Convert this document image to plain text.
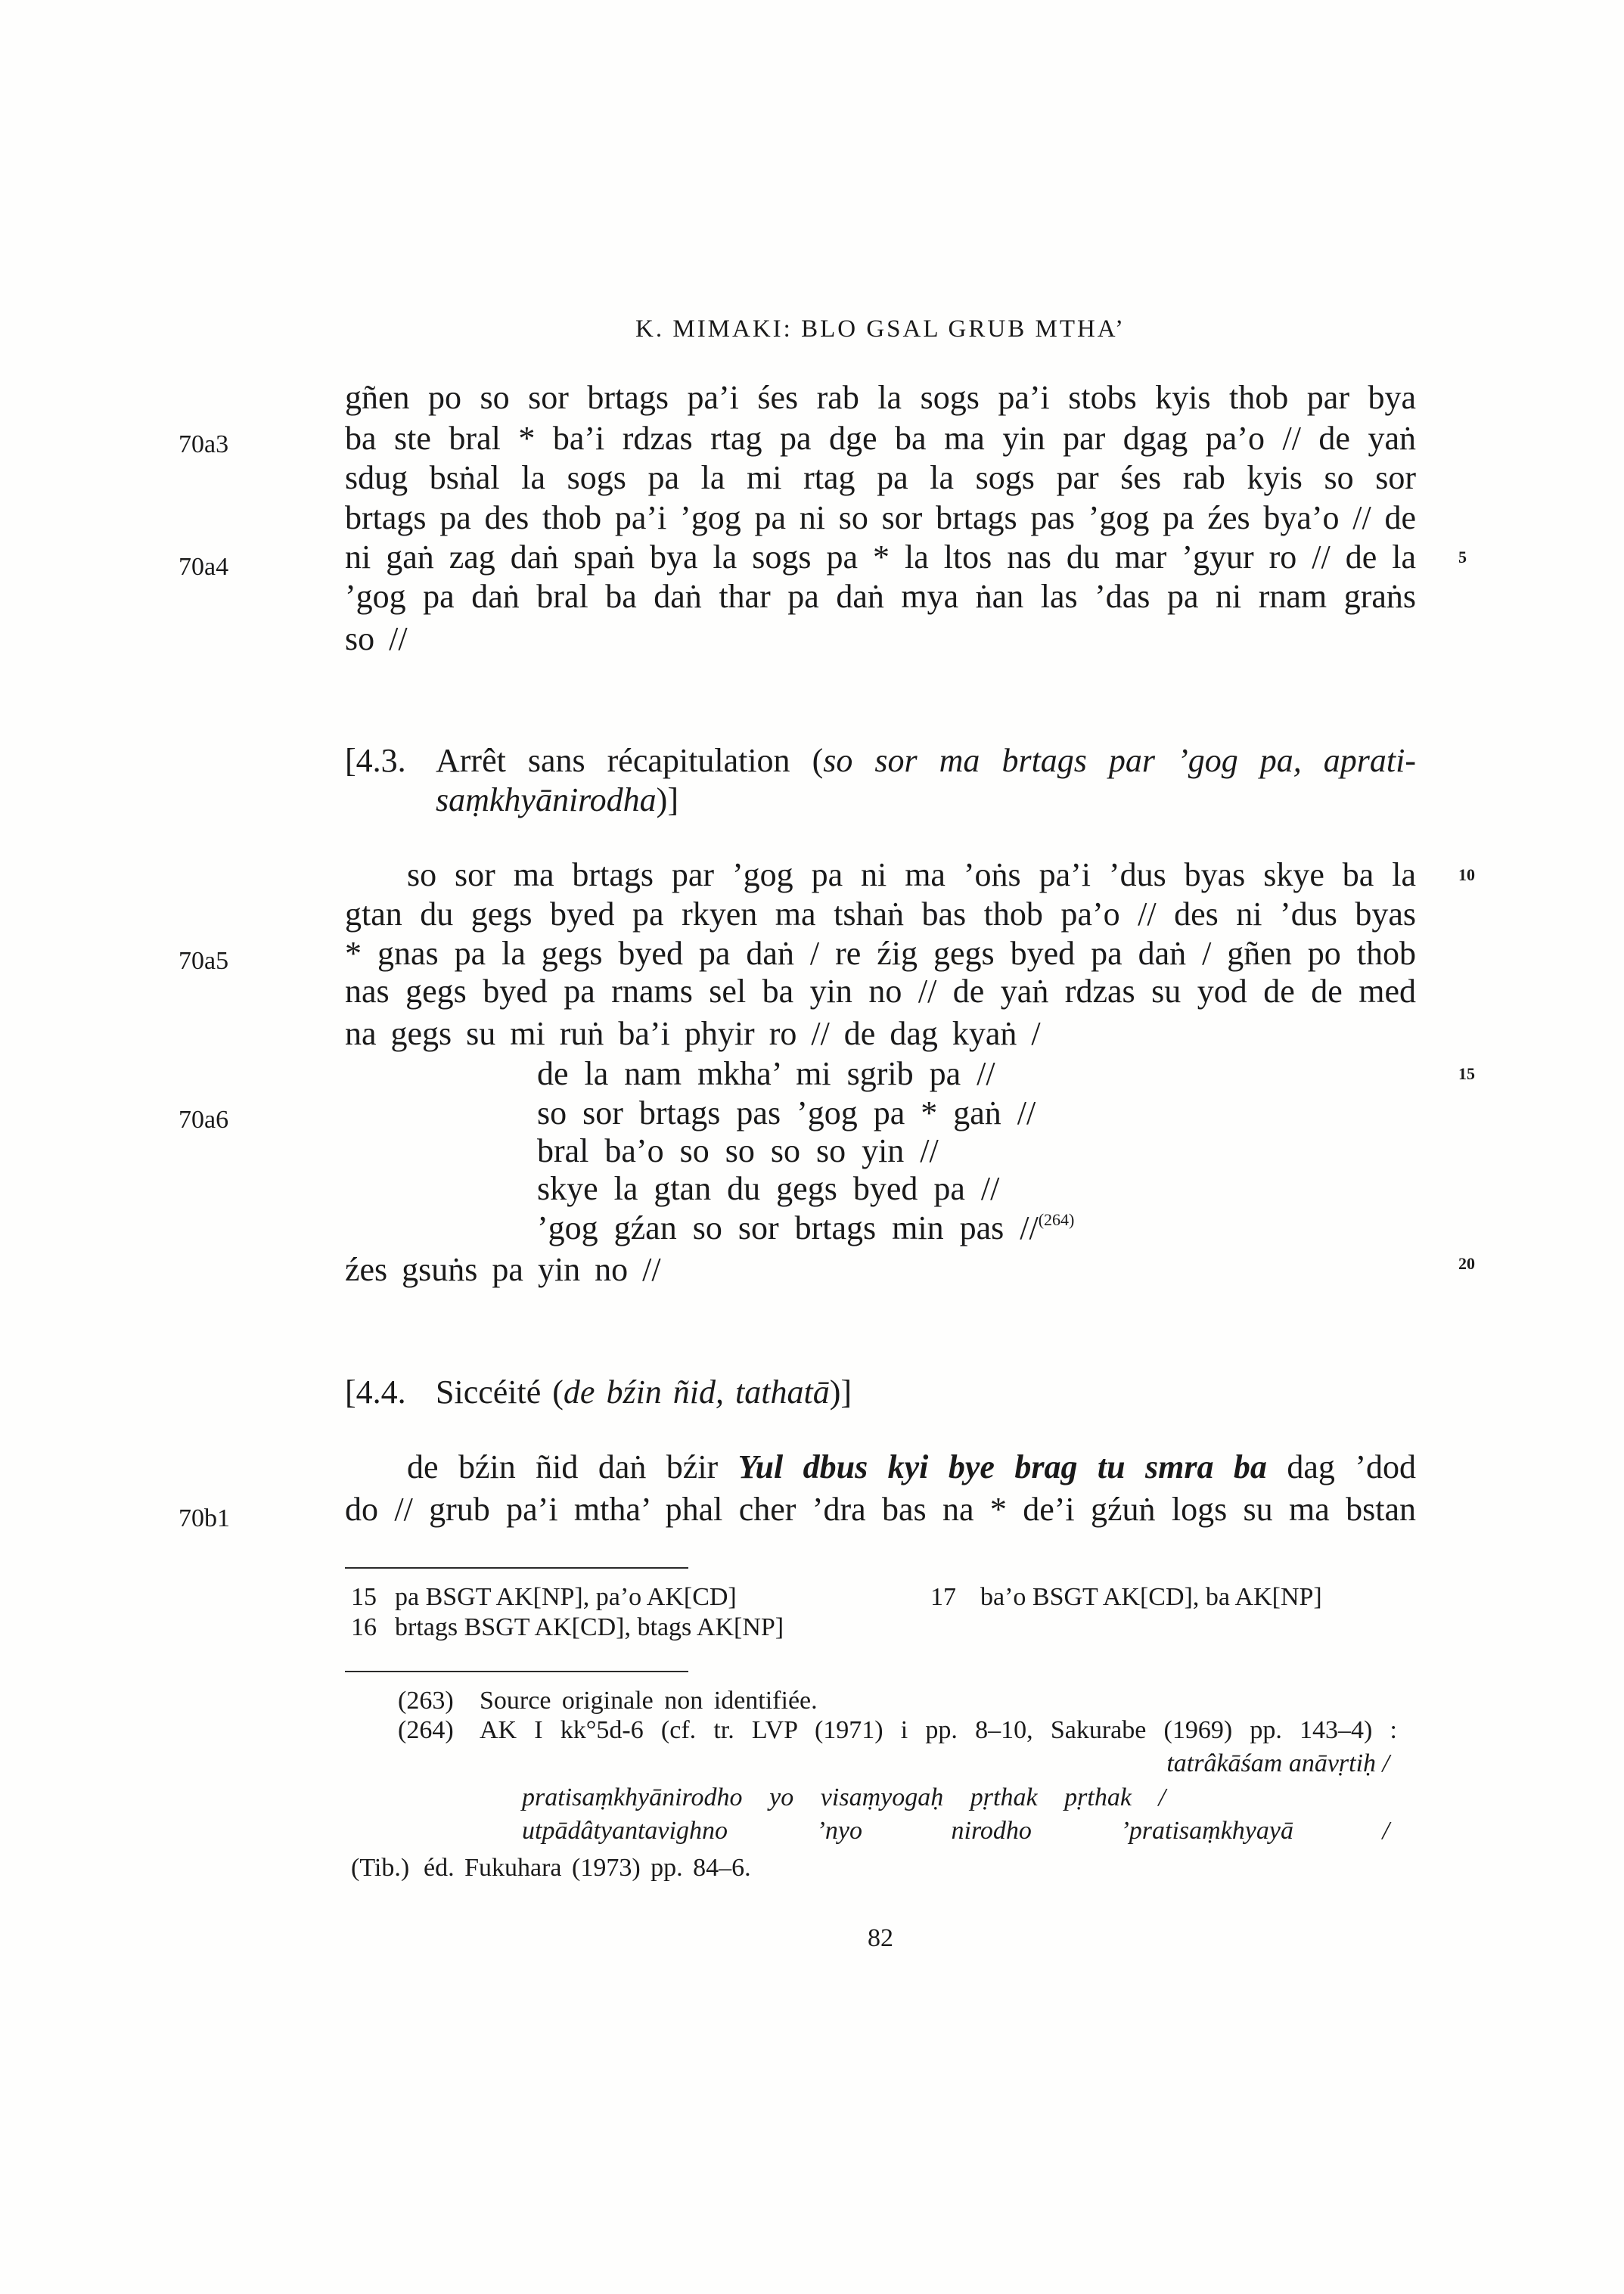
K. MIMAKI: BLO GSAL GRUB MTHA’
70a3
70a4
70a5
70a6
70b1
5
10
15
20
gñen po so sor brtags pa’i śes rab la sogs pa’i stobs kyis thob par bya
ba ste bral * ba’i rdzas rtag pa dge ba ma yin par dgag pa’o // de yaṅ
sdug bsṅal la sogs pa la mi rtag pa la sogs par śes rab kyis so sor
brtags pa des thob pa’i ’gog pa ni so sor brtags pas ’gog pa źes bya’o // de
ni gaṅ zag daṅ spaṅ bya la sogs pa * la ltos nas du mar ’gyur ro // de la
’gog pa daṅ bral ba daṅ thar pa daṅ mya ṅan las ’das pa ni rnam graṅs
so //
[4.3. Arrêt sans récapitulation (so sor ma brtags par ’gog pa, aprati-
saṃkhyānirodha)]
so sor ma brtags par ’gog pa ni ma ’oṅs pa’i ’dus byas skye ba la
gtan du gegs byed pa rkyen ma tshaṅ bas thob pa’o // des ni ’dus byas
* gnas pa la gegs byed pa daṅ / re źig gegs byed pa daṅ / gñen po thob
nas gegs byed pa rnams sel ba yin no // de yaṅ rdzas su yod de de med
na gegs su mi ruṅ ba’i phyir ro // de dag kyaṅ /
de la nam mkha’ mi sgrib pa //
so sor brtags pas ’gog pa * gaṅ //
bral ba’o so so so so yin //
skye la gtan du gegs byed pa //
’gog gźan so sor brtags min pas //$^{(264)}$
źes gsuṅs pa yin no //
[4.4. Siccéité (de bźin ñid, tathatā)]
de bźin ñid daṅ bźir Yul dbus kyi bye brag tu smra ba dag ’dod
do // grub pa’i mtha’ phal cher ’dra bas na * de’i gźuṅ logs su ma bstan
15 pa BSGT AK[NP], pa’o AK[CD]
16 brtags BSGT AK[CD], btags AK[NP]
17 ba’o BSGT AK[CD], ba AK[NP]
(263) Source originale non identifiée.
(264) AK I kk°5d-6 (cf. tr. LVP (1971) i pp. 8–10, Sakurabe (1969) pp. 143–4) :
tatrâkāśam anāvṛtiḥ /
pratisaṃkhyānirodho yo visaṃyogaḥ pṛthak pṛthak /
utpādâtyantavighno ’nyo nirodho ’pratisaṃkhyayā /
(Tib.) éd. Fukuhara (1973) pp. 84–6.
82
